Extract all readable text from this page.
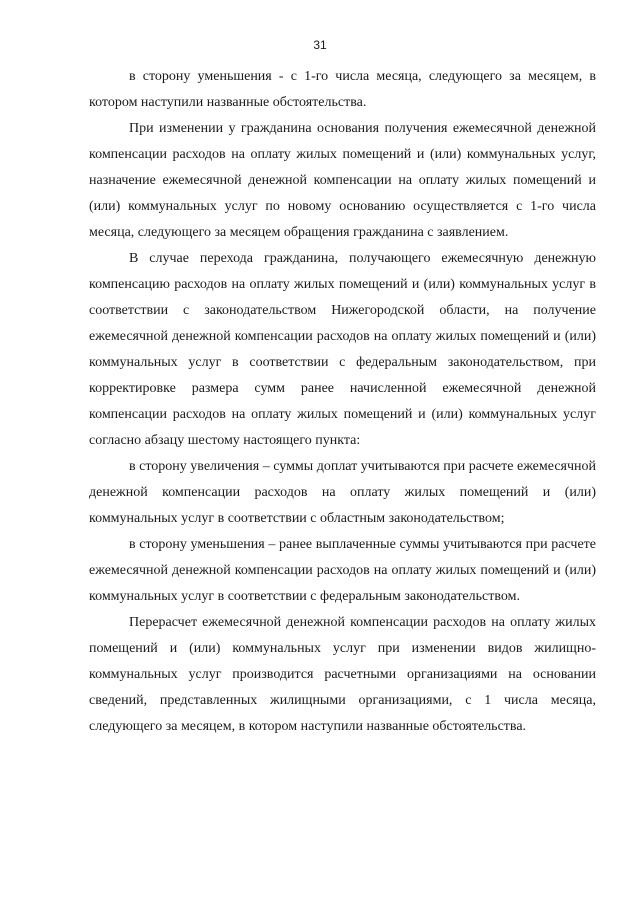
31

в сторону уменьшения - с 1-го числа месяца, следующего за месяцем, в котором наступили названные обстоятельства.

При изменении у гражданина основания получения ежемесячной денежной компенсации расходов на оплату жилых помещений и (или) коммунальных услуг, назначение ежемесячной денежной компенсации на оплату жилых помещений и (или) коммунальных услуг по новому основанию осуществляется с 1-го числа месяца, следующего за месяцем обращения гражданина с заявлением.

В случае перехода гражданина, получающего ежемесячную денежную компенсацию расходов на оплату жилых помещений и (или) коммунальных услуг в соответствии с законодательством Нижегородской области, на получение ежемесячной денежной компенсации расходов на оплату жилых помещений и (или) коммунальных услуг в соответствии с федеральным законодательством, при корректировке размера сумм ранее начисленной ежемесячной денежной компенсации расходов на оплату жилых помещений и (или) коммунальных услуг согласно абзацу шестому настоящего пункта:

в сторону увеличения – суммы доплат учитываются при расчете ежемесячной денежной компенсации расходов на оплату жилых помещений и (или) коммунальных услуг в соответствии с областным законодательством;

в сторону уменьшения – ранее выплаченные суммы учитываются при расчете ежемесячной денежной компенсации расходов на оплату жилых помещений и (или) коммунальных услуг в соответствии с федеральным законодательством.

Перерасчет ежемесячной денежной компенсации расходов на оплату жилых помещений и (или) коммунальных услуг при изменении видов жилищно-коммунальных услуг производится расчетными организациями на основании сведений, представленных жилищными организациями, с 1 числа месяца, следующего за месяцем, в котором наступили названные обстоятельства.
